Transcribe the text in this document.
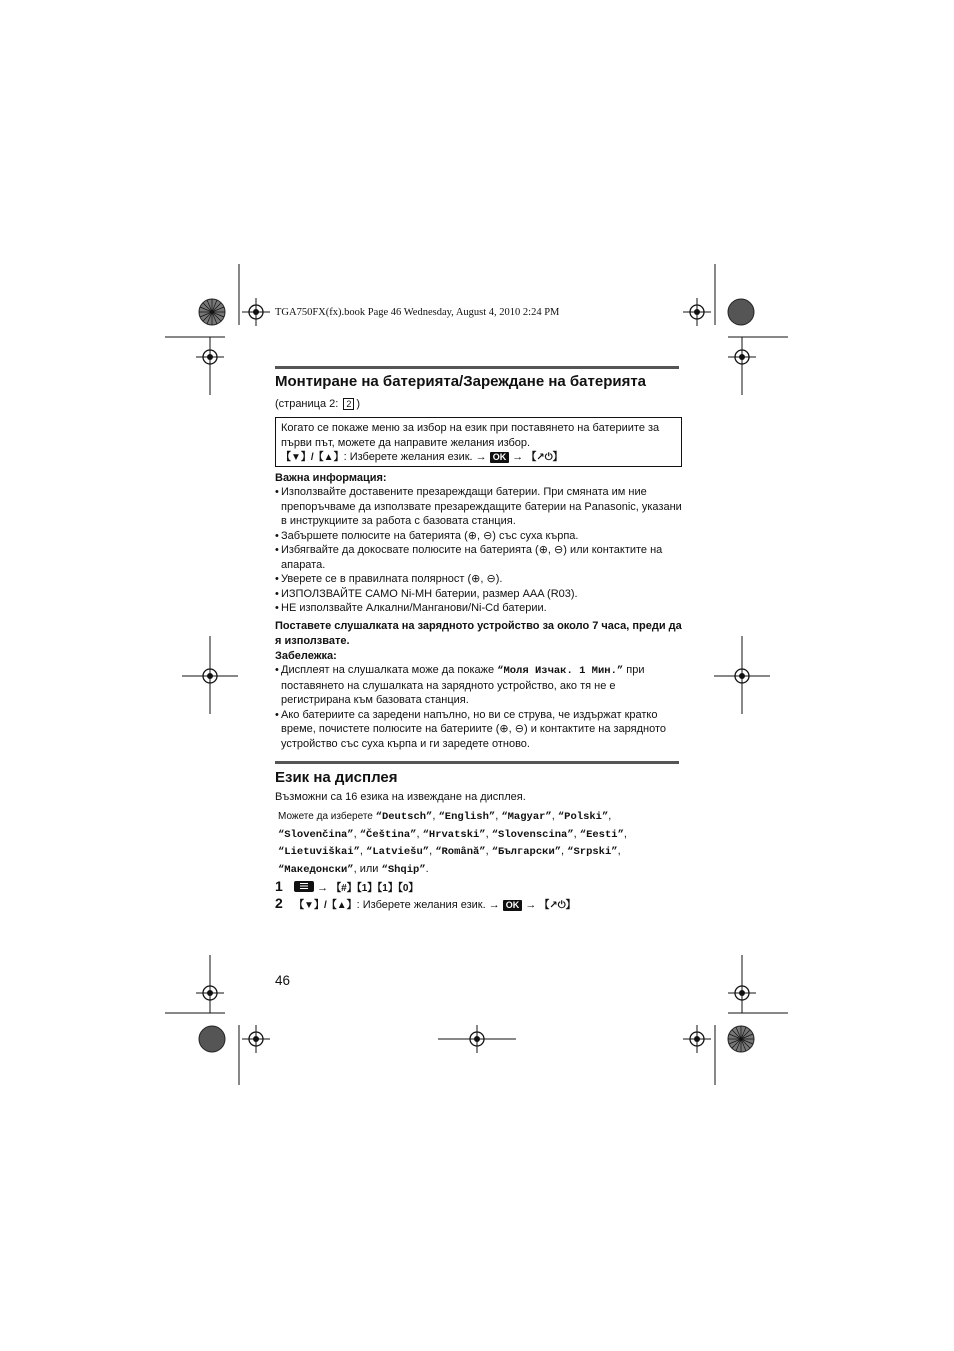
TGA750FX(fx).book Page 46 Wednesday, August 4, 2010 2:24 PM
Монтиране на батерията/Зареждане на батерията
(страница 2: 2 )
Когато се покаже меню за избор на език при поставянето на батериите за
първи път, можете да направите желания избор.
【▼】/【▲】: Изберете желания език. → OK → 【↗⏻】
Важна информация:
• Използвайте доставените презареждащи батерии. При смяната им ние препоръчваме да използвате презареждащите батерии на Panasonic, указани в инструкциите за работа с базовата станция.
• Забършете полюсите на батерията (⊕, ⊖) със суха кърпа.
• Избягвайте да докосвате полюсите на батерията (⊕, ⊖) или контактите на апарата.
• Уверете се в правилната полярност (⊕, ⊖).
• ИЗПОЛЗВАЙТЕ САМО Ni-MH батерии, размер AAA (R03).
• НЕ използвайте Алкални/Манганови/Ni-Cd батерии.
Поставете слушалката на зарядното устройство за около 7 часа, преди да я използвате.
Забележка:
• Дисплеят на слушалката може да покаже “Моля Изчак. 1 Мин.” при поставянето на слушалката на зарядното устройство, ако тя не е регистрирана към базовата станция.
• Ако батериите са заредени напълно, но ви се струва, че издържат кратко време, почистете полюсите на батериите (⊕, ⊖) и контактите на зарядното устройство със суха кърпа и ги заредете отново.
Език на дисплея
Възможни са 16 езика на извеждане на дисплея.
Можете да изберете “Deutsch”, “English”, “Magyar”, “Polski”, “Slovenčina”, “Čeština”, “Hrvatski”, “Slovenscina”, “Eesti”, “Lietuviškai”, “Latviešu”, “Română”, “Български”, “Srpski”, “Македонски”, или “Shqip”.
1	→ 【#】【1】【1】【0】
2 【▼】/【▲】: Изберете желания език. → OK → 【↗⏻】
46
